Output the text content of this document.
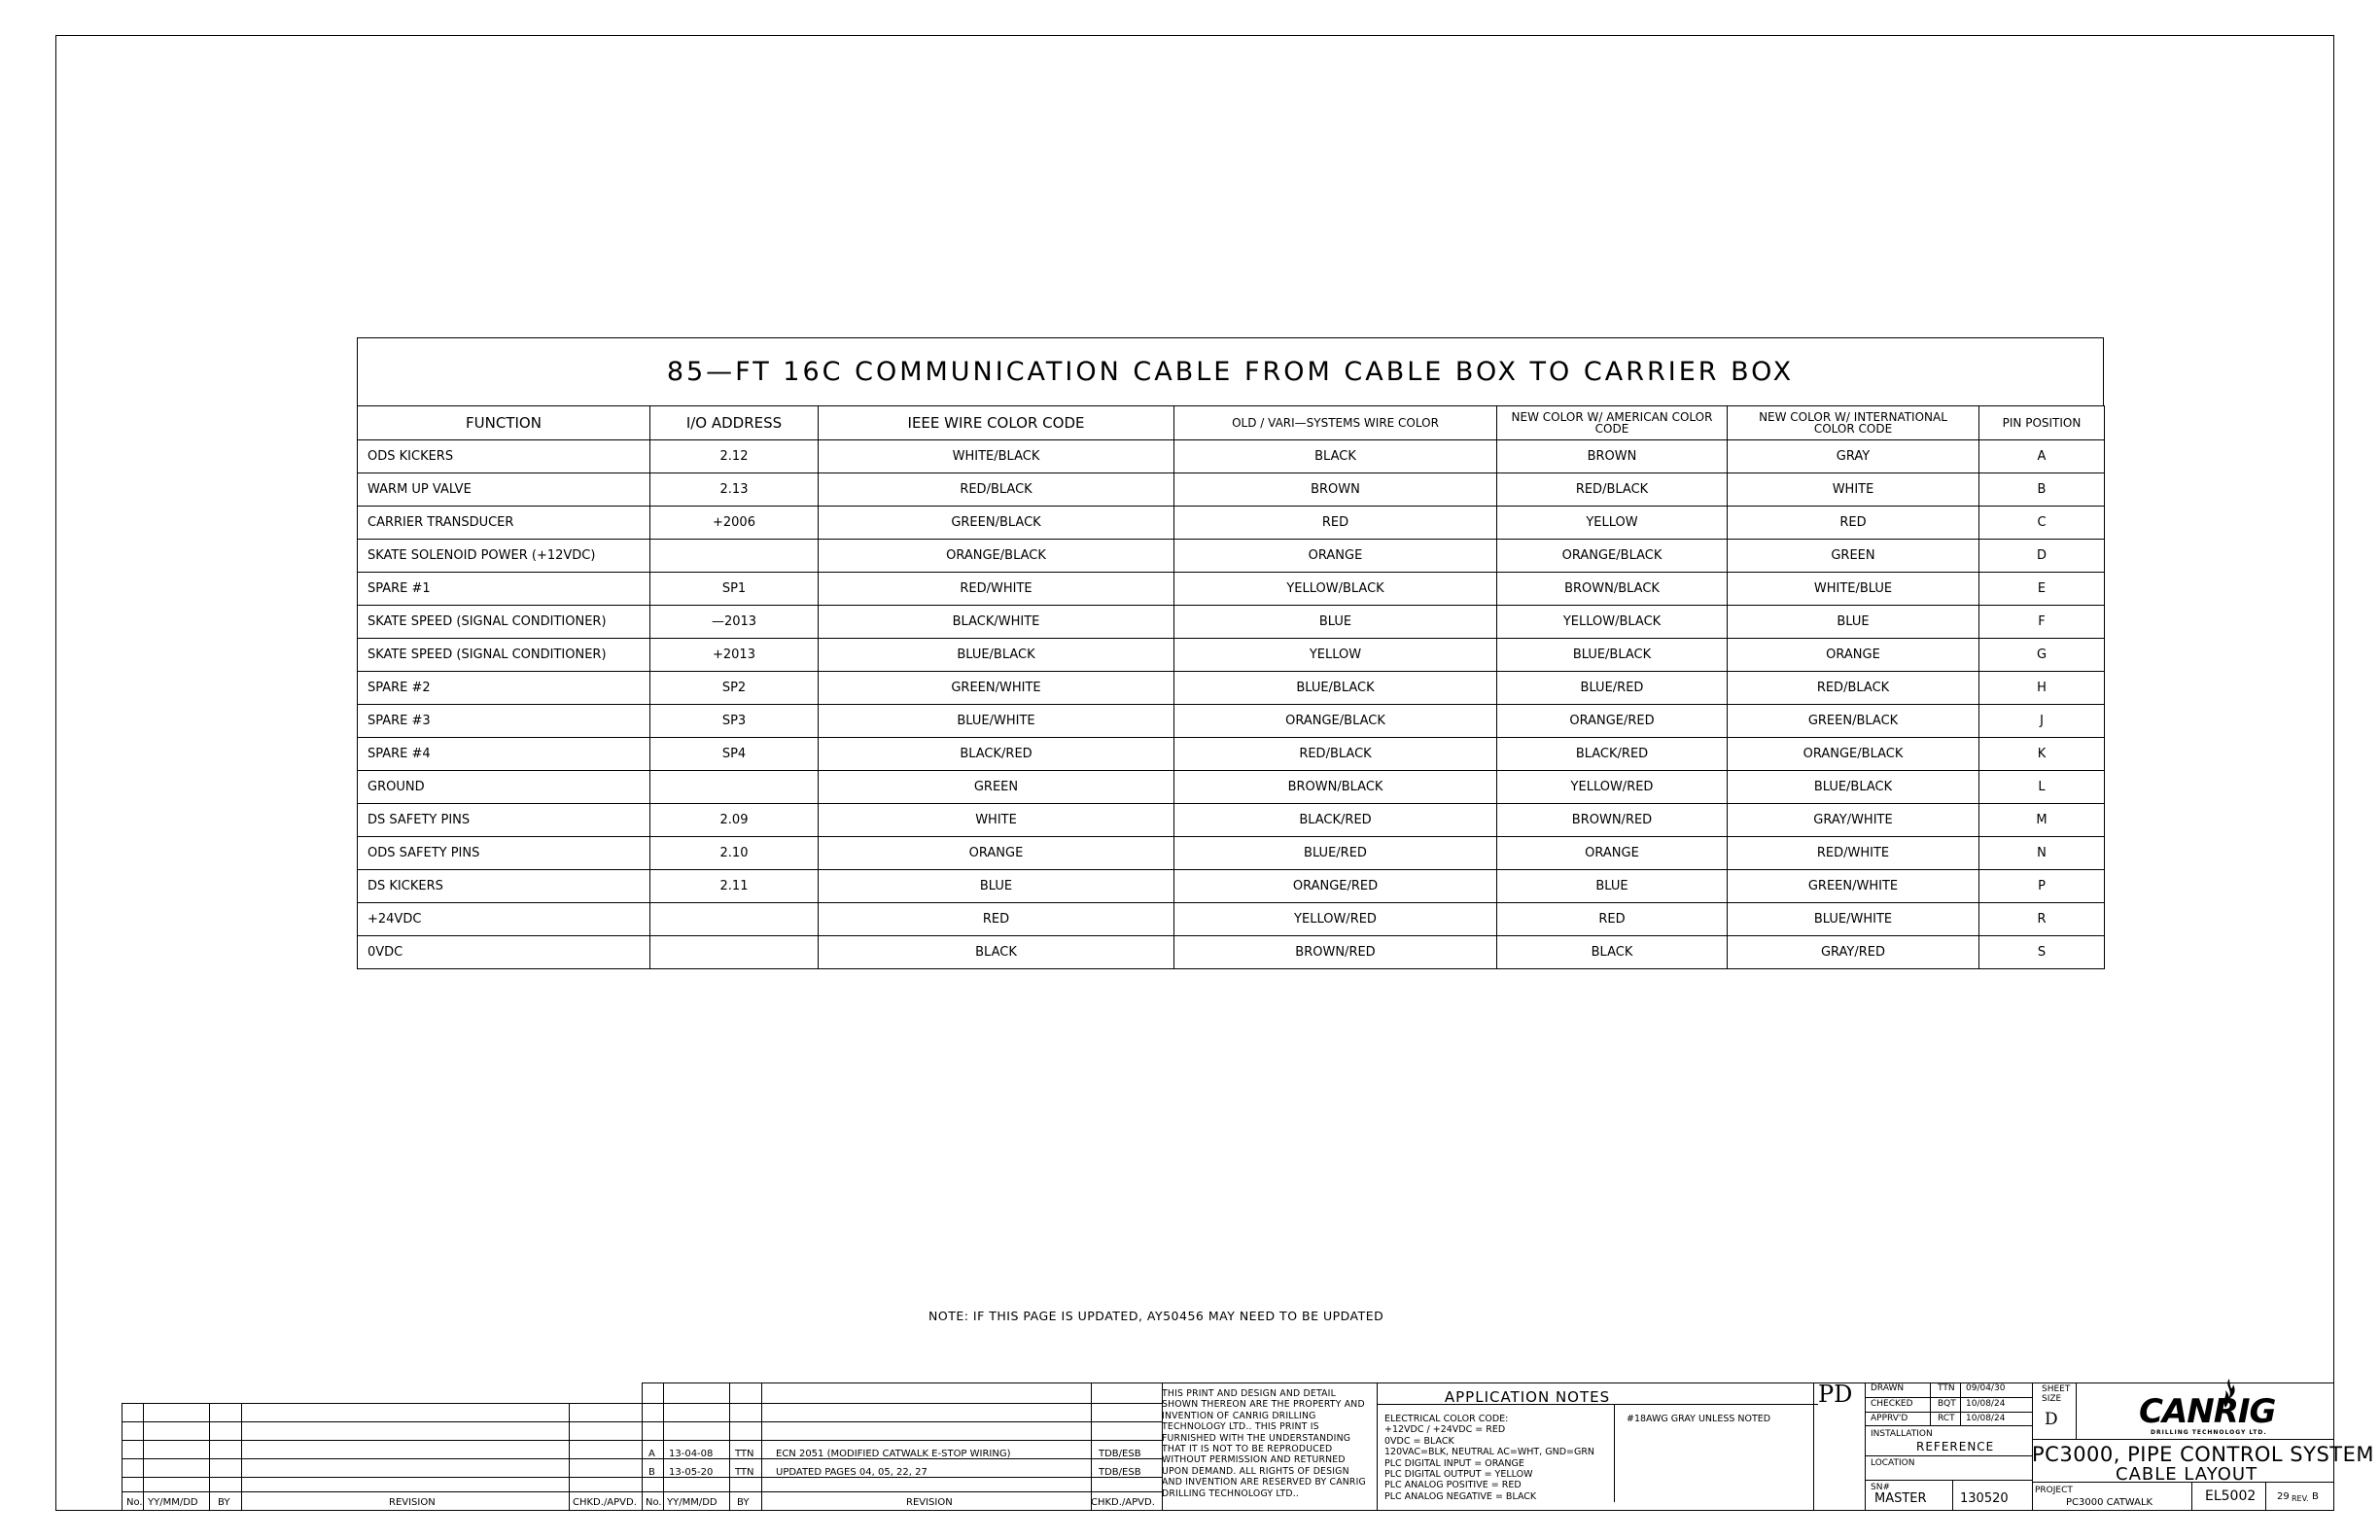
85—FT 16C COMMUNICATION CABLE FROM CABLE BOX TO CARRIER BOX
FUNCTION	I/O ADDRESS	IEEE WIRE COLOR CODE	OLD / VARI—SYSTEMS WIRE COLOR	NEW COLOR W/ AMERICAN COLOR CODE	NEW COLOR W/ INTERNATIONAL COLOR CODE	PIN POSITION
ODS KICKERS	2.12	WHITE/BLACK	BLACK	BROWN	GRAY	A
WARM UP VALVE	2.13	RED/BLACK	BROWN	RED/BLACK	WHITE	B
CARRIER TRANSDUCER	+2006	GREEN/BLACK	RED	YELLOW	RED	C
SKATE SOLENOID POWER (+12VDC)		ORANGE/BLACK	ORANGE	ORANGE/BLACK	GREEN	D
SPARE #1	SP1	RED/WHITE	YELLOW/BLACK	BROWN/BLACK	WHITE/BLUE	E
SKATE SPEED (SIGNAL CONDITIONER)	—2013	BLACK/WHITE	BLUE	YELLOW/BLACK	BLUE	F
SKATE SPEED (SIGNAL CONDITIONER)	+2013	BLUE/BLACK	YELLOW	BLUE/BLACK	ORANGE	G
SPARE #2	SP2	GREEN/WHITE	BLUE/BLACK	BLUE/RED	RED/BLACK	H
SPARE #3	SP3	BLUE/WHITE	ORANGE/BLACK	ORANGE/RED	GREEN/BLACK	J
SPARE #4	SP4	BLACK/RED	RED/BLACK	BLACK/RED	ORANGE/BLACK	K
GROUND		GREEN	BROWN/BLACK	YELLOW/RED	BLUE/BLACK	L
DS SAFETY PINS	2.09	WHITE	BLACK/RED	BROWN/RED	GRAY/WHITE	M
ODS SAFETY PINS	2.10	ORANGE	BLUE/RED	ORANGE	RED/WHITE	N
DS KICKERS	2.11	BLUE	ORANGE/RED	BLUE	GREEN/WHITE	P
+24VDC		RED	YELLOW/RED	RED	BLUE/WHITE	R
0VDC		BLACK	BROWN/RED	BLACK	GRAY/RED	S
NOTE: IF THIS PAGE IS UPDATED, AY50456 MAY NEED TO BE UPDATED
No. YY/MM/DD BY	REVISION	CHKD./APVD. No. YY/MM/DD BY	REVISION	CHKD./APVD.
A 13-04-08 TTN ECN 2051 (MODIFIED CATWALK E-STOP WIRING)	TDB/ESB
B 13-05-20 TTN UPDATED PAGES 04, 05, 22, 27	TDB/ESB
THIS PRINT AND DESIGN AND DETAIL SHOWN THEREON ARE THE PROPERTY AND INVENTION OF CANRIG DRILLING TECHNOLOGY LTD.. THIS PRINT IS FURNISHED WITH THE UNDERSTANDING THAT IT IS NOT TO BE REPRODUCED WITHOUT PERMISSION AND RETURNED UPON DEMAND. ALL RIGHTS OF DESIGN AND INVENTION ARE RESERVED BY CANRIG DRILLING TECHNOLOGY LTD..
APPLICATION NOTES
ELECTRICAL COLOR CODE:
+12VDC / +24VDC = RED
0VDC = BLACK
120VAC=BLK, NEUTRAL AC=WHT, GND=GRN
PLC DIGITAL INPUT = ORANGE
PLC DIGITAL OUTPUT = YELLOW
PLC ANALOG POSITIVE = RED
PLC ANALOG NEGATIVE = BLACK
#18AWG GRAY UNLESS NOTED
PD DRAWN	TTN 09/04/30
CHECKED	BQT 10/08/24
APPRV'D	RCT 10/08/24
SHEET SIZE
D
INSTALLATION
REFERENCE
LOCATION
SN#
MASTER	130520
CANRIG
DRILLING TECHNOLOGY LTD.
PC3000, PIPE CONTROL SYSTEM
CABLE LAYOUT
PROJECT
PC3000 CATWALK	EL5002 29 REV. B
